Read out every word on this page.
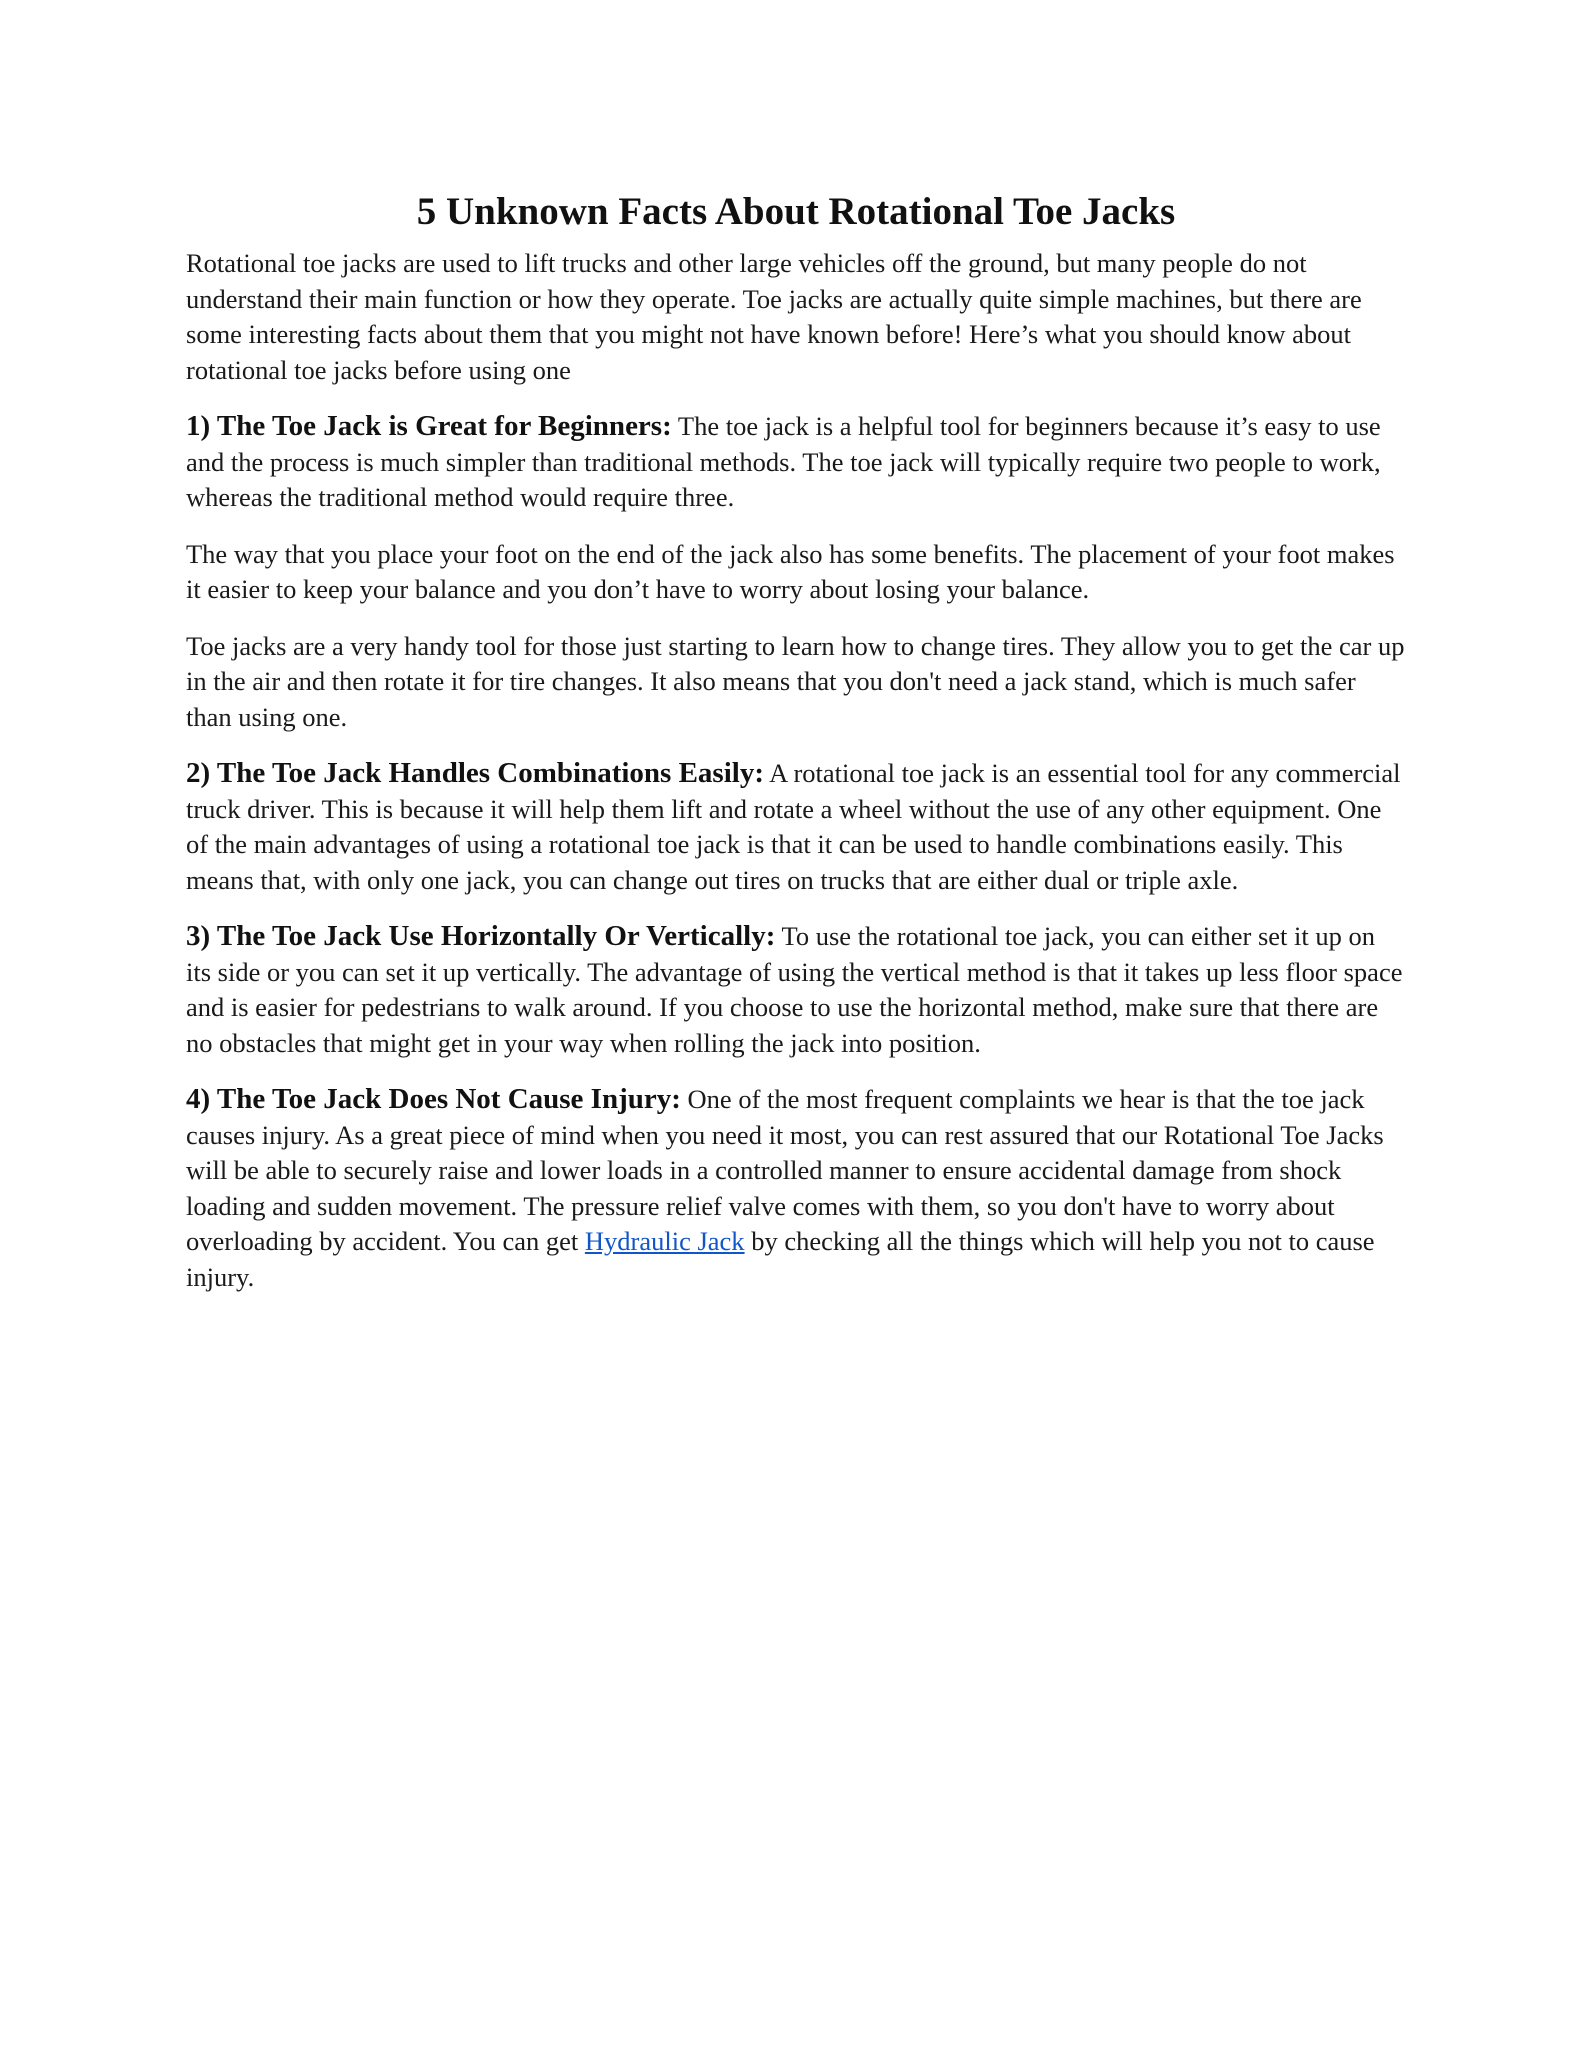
5 Unknown Facts About Rotational Toe Jacks

Rotational toe jacks are used to lift trucks and other large vehicles off the ground, but many people do not understand their main function or how they operate. Toe jacks are actually quite simple machines, but there are some interesting facts about them that you might not have known before! Here’s what you should know about rotational toe jacks before using one

1) The Toe Jack is Great for Beginners: The toe jack is a helpful tool for beginners because it’s easy to use and the process is much simpler than traditional methods. The toe jack will typically require two people to work, whereas the traditional method would require three.

The way that you place your foot on the end of the jack also has some benefits. The placement of your foot makes it easier to keep your balance and you don’t have to worry about losing your balance.

Toe jacks are a very handy tool for those just starting to learn how to change tires. They allow you to get the car up in the air and then rotate it for tire changes. It also means that you don't need a jack stand, which is much safer than using one.

2) The Toe Jack Handles Combinations Easily: A rotational toe jack is an essential tool for any commercial truck driver. This is because it will help them lift and rotate a wheel without the use of any other equipment. One of the main advantages of using a rotational toe jack is that it can be used to handle combinations easily. This means that, with only one jack, you can change out tires on trucks that are either dual or triple axle.

3) The Toe Jack Use Horizontally Or Vertically: To use the rotational toe jack, you can either set it up on its side or you can set it up vertically. The advantage of using the vertical method is that it takes up less floor space and is easier for pedestrians to walk around. If you choose to use the horizontal method, make sure that there are no obstacles that might get in your way when rolling the jack into position.

4) The Toe Jack Does Not Cause Injury: One of the most frequent complaints we hear is that the toe jack causes injury. As a great piece of mind when you need it most, you can rest assured that our Rotational Toe Jacks will be able to securely raise and lower loads in a controlled manner to ensure accidental damage from shock loading and sudden movement. The pressure relief valve comes with them, so you don't have to worry about overloading by accident. You can get Hydraulic Jack by checking all the things which will help you not to cause injury.
